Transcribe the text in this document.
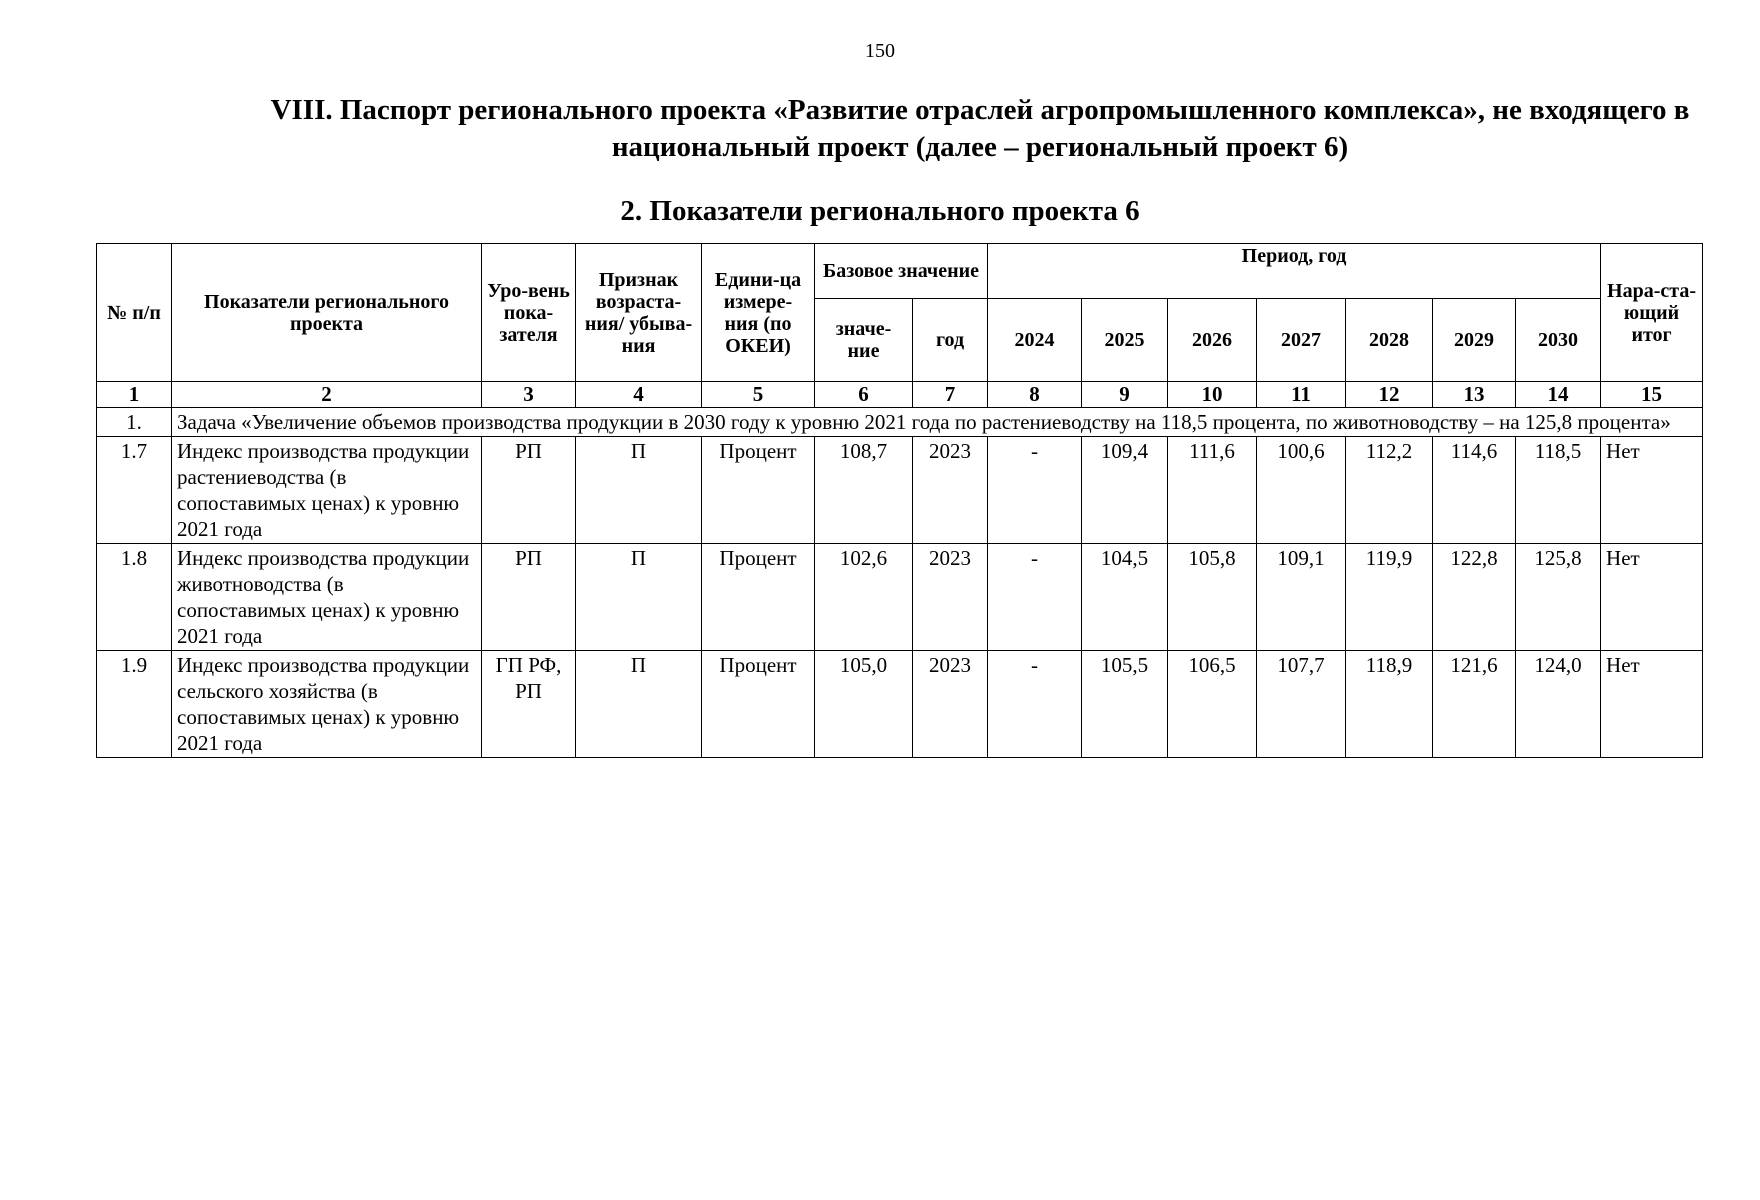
150
VIII. Паспорт регионального проекта «Развитие отраслей агропромышленного комплекса», не входящего в национальный проект (далее – региональный проект 6)
2. Показатели регионального проекта 6
№ п/п	Показатели регионального проекта	Уро-вень пока-зателя	Признак возраста-ния/ убыва-ния	Едини-ца измере-ния (по ОКЕИ)	Базовое значение		Период, год							Нара-ста-ющий итог
					значе-ние	год	2024	2025	2026	2027	2028	2029	2030	
1	2	3	4	5	6	7	8	9	10	11	12	13	14	15
1.	Задача «Увеличение объемов производства продукции в 2030 году к уровню 2021 года по растениеводству на 118,5 процента, по животноводству – на 125,8 процента»													
1.7	Индекс производства продукции растениеводства (в сопоставимых ценах) к уровню 2021 года	РП	П	Процент	108,7	2023	-	109,4	111,6	100,6	112,2	114,6	118,5	Нет
1.8	Индекс производства продукции животноводства (в сопоставимых ценах) к уровню 2021 года	РП	П	Процент	102,6	2023	-	104,5	105,8	109,1	119,9	122,8	125,8	Нет
1.9	Индекс производства продукции сельского хозяйства (в сопоставимых ценах) к уровню 2021 года	ГП РФ, РП	П	Процент	105,0	2023	-	105,5	106,5	107,7	118,9	121,6	124,0	Нет
